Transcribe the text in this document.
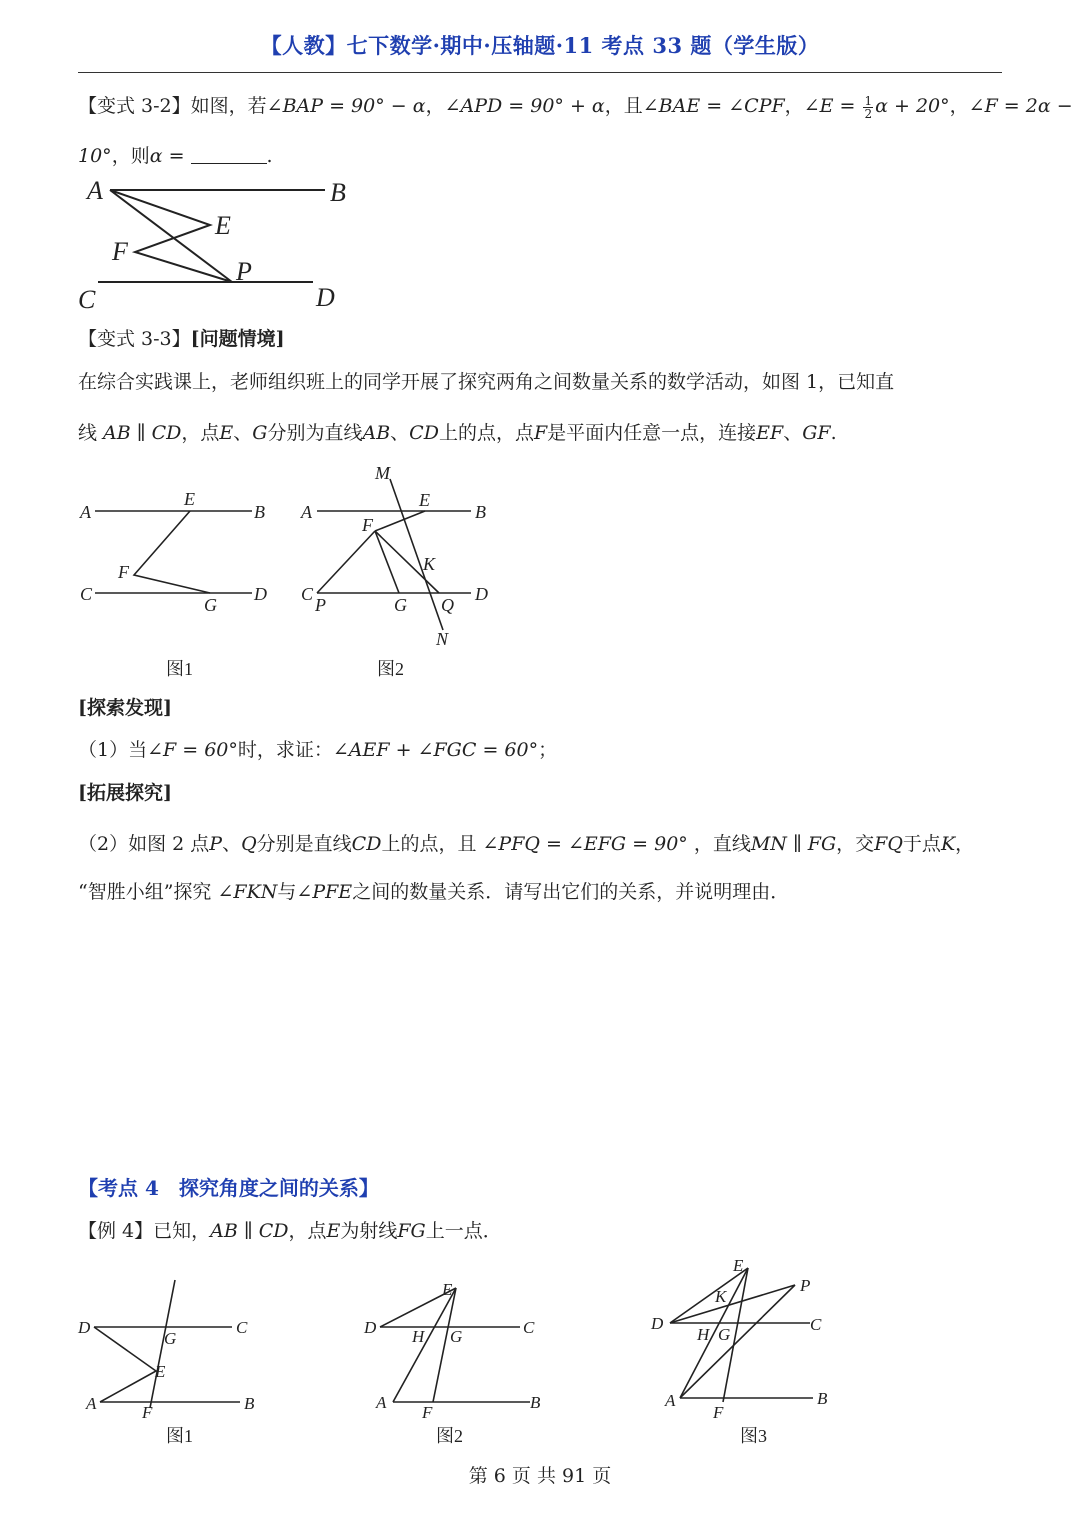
【人教】七下数学·期中·压轴题·11 考点 33 题（学生版）
【变式 3-2】如图，若∠BAP = 90° − α，∠APD = 90° + α，且∠BAE = ∠CPF，∠E = $\frac{1}{2}$ α + 20°，∠F = 2α −
10°，则α =	.
A	B
C	D
E
F
P
【变式 3-3】[问题情境]
在综合实践课上，老师组织班上的同学开展了探究两角之间数量关系的数学活动，如图 1，已知直
线 AB ∥ CD，点E、G分别为直线AB、CD上的点，点F是平面内任意一点，连接EF、GF.
A	B
C	D
E
F
G
图1
M
A	B
E
F
K
C	D
P	G Q
N
图2
[探索发现]
（1）当∠F = 60°时，求证：∠AEF + ∠FGC = 60°；
[拓展探究]
（2）如图 2 点P、Q分别是直线CD上的点，且 ∠PFQ = ∠EFG = 90° ，直线MN ∥ FG，交FQ于点K，
“智胜小组”探究 ∠FKN与∠PFE之间的数量关系．请写出它们的关系，并说明理由．
【考点 4　探究角度之间的关系】
【例 4】已知，AB ∥ CD，点E为射线FG上一点．
D	C
G
E
A	F	B
图1
E
D H G	C
A
F
B
图2
E
P
K
D
H G
C
A
F
B
图3
第 6 页 共 91 页
